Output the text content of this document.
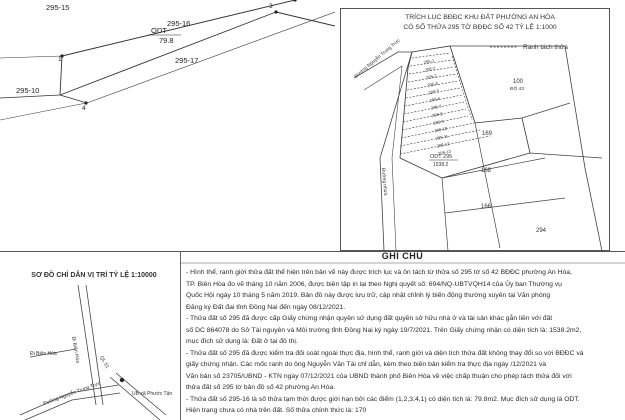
295-15
295-16
ODT
79.8
295-17
295-10
1
3
4
Đường Nguyễn Trung Trực
Đường nhựa
100
ĐỐ 43
ODT 295
1538.2
169
168
166
294
295-1
295-2
295-3
295-4
295-5
295-6
295-7
295-8
295-9
295-10
295-11
295-12
295-13
TRÍCH LỤC BĐĐC KHU ĐẤT PHƯỜNG AN HÒA
CÓ SỐ THỬA 295 TỜ BĐĐC SỐ 42 TỶ LỆ 1:1000
Ranh tách thửa
SƠ ĐỒ CHỈ DẪN VỊ TRÍ TỶ LỆ 1:10000
Đi Biên Hòa	QL 51
Đi Biên Hòa
Đường Nguyễn Trung Trực	UB xã Phước Tân
GHI CHÚ
- Hình thể, ranh giới thửa đất thể hiện trên bản vẽ này được trích lục và ôn tách từ thửa số 295 tờ số 42 BĐĐC phường An Hòa,
TP. Biên Hòa đo vẽ tháng 10 năm 2006, được biên tập in lại theo Nghị quyết số: 694/NQ-UBTVQH14 của Ủy ban Thường vụ
Quốc Hội ngày 10 tháng 5 năm 2019. Bản đồ này được lưu trữ, cập nhật chỉnh lý biến động thường xuyên tại Văn phòng
Đăng ký Đất đai tỉnh Đồng Nai đến ngày 08/12/2021.
- Thửa đất số 295 đã được cấp Giấy chứng nhận quyền sử dụng đất quyền sở hữu nhà ở và tài sản khác gắn liền với đất
số DC 864078 do Sở Tài nguyên và Môi trường tỉnh Đồng Nai ký ngày 19/7/2021. Trên Giấy chứng nhận có diện tích là: 1538.2m2,
mục đích sử dụng là: Đất ở tại đô thị.
- Thửa đất số 295 đã được kiểm tra đối soát ngoài thực địa, hình thể, ranh giới và diện tích thửa đất không thay đổi so với BĐĐC và
giấy chứng nhận. Các mốc ranh do ông Nguyễn Văn Tài chỉ dẫn, kèm theo biên bản kiểm tra thực địa ngày /12/2021 và
Văn bản số 23705/UBND - KTN ngày 07/12/2021 của UBND thành phố Biên Hòa về việc chấp thuận cho phép tách thửa đối với
thửa đất số 295 tờ bản đồ số 42 phường An Hòa.
- Thửa đất số 295-16 là số thửa tạm thời được giới hạn bởi các điểm (1,2,3,4,1) có diện tích là: 79.8m2. Mục đích sử dụng là ODT.
Hiện trạng chưa có nhà trên đất. Số thửa chính thức là: 170
